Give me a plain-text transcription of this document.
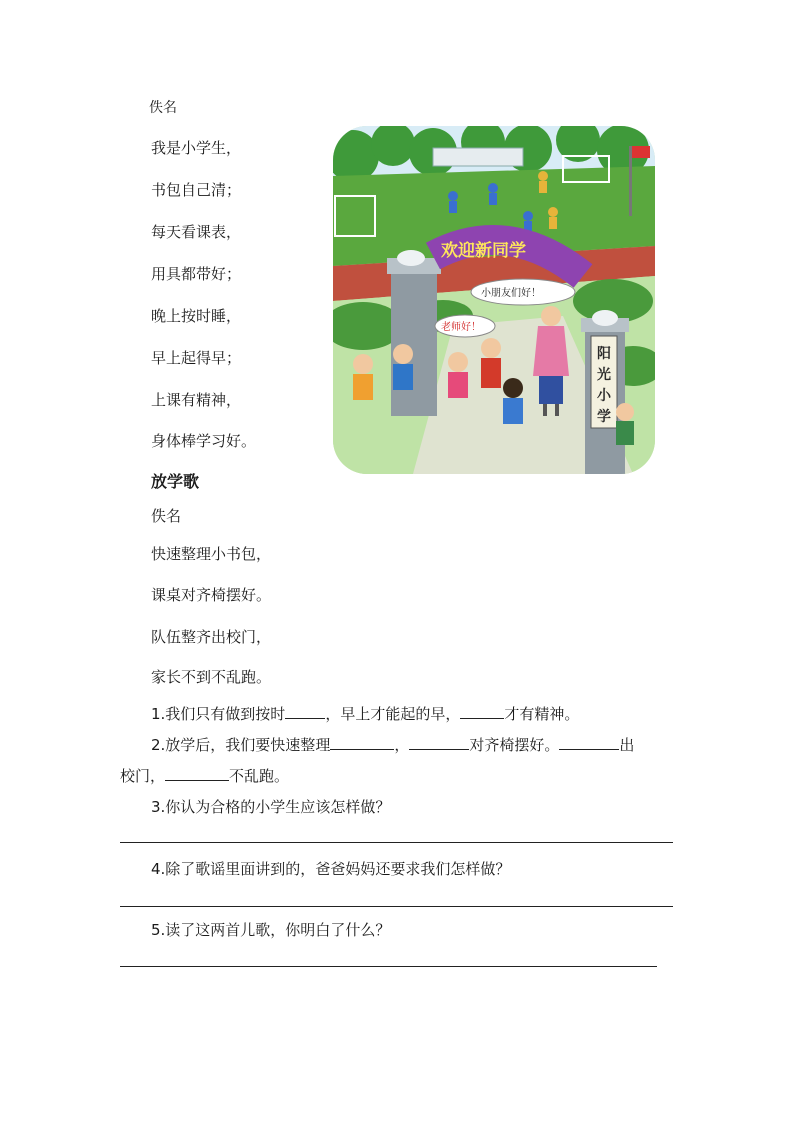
佚名
我是小学生，
书包自己清；
每天看课表，
用具都带好；
晚上按时睡，
早上起得早；
上课有精神，
身体棒学习好。
欢迎新同学
小朋友们好！
老师好！
阳光小学
放学歌
佚名
快速整理小书包，
课桌对齐椅摆好。
队伍整齐出校门，
家长不到不乱跑。
1.我们只有做到按时	，早上才能起的早，	才有精神。
2.放学后，我们要快速整理	，	对齐椅摆好。	出
校门，	不乱跑。
3.你认为合格的小学生应该怎样做？
4.除了歌谣里面讲到的，爸爸妈妈还要求我们怎样做？
5.读了这两首儿歌，你明白了什么？
